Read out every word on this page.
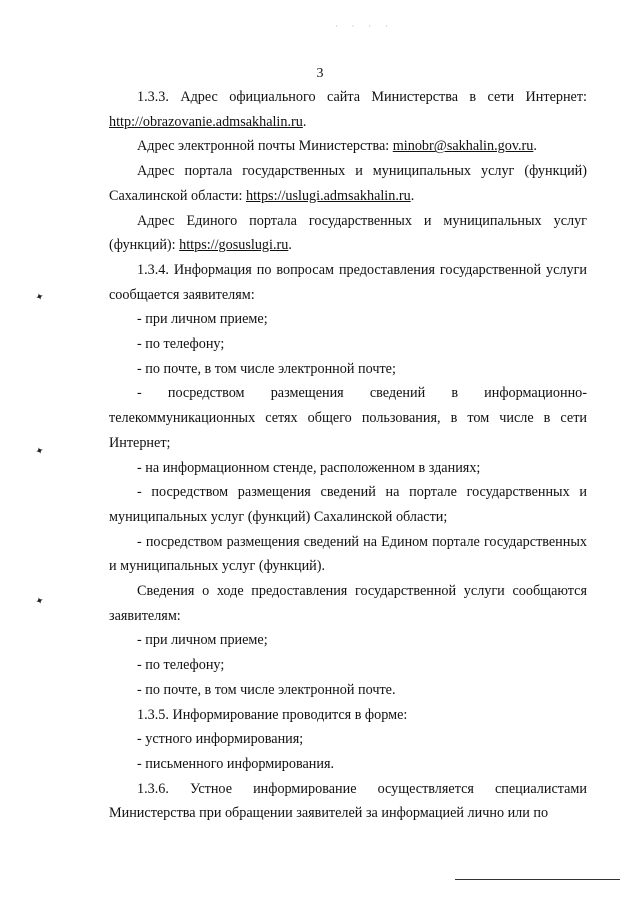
· · · ·
3
✦
✦
✦

1.3.3. Адрес официального сайта Министерства в сети Интернет: http://obrazovanie.admsakhalin.ru.

Адрес электронной почты Министерства: minobr@sakhalin.gov.ru.

Адрес портала государственных и муниципальных услуг (функций) Сахалинской области: https://uslugi.admsakhalin.ru.

Адрес Единого портала государственных и муниципальных услуг (функций): https://gosuslugi.ru.

1.3.4. Информация по вопросам предоставления государственной услуги сообщается заявителям:

- при личном приеме;

- по телефону;

- по почте, в том числе электронной почте;

- посредством размещения сведений в информационно-телекоммуникационных сетях общего пользования, в том числе в сети Интернет;

- на информационном стенде, расположенном в зданиях;

- посредством размещения сведений на портале государственных и муниципальных услуг (функций) Сахалинской области;

- посредством размещения сведений на Едином портале государственных и муниципальных услуг (функций).

Сведения о ходе предоставления государственной услуги сообщаются заявителям:

- при личном приеме;

- по телефону;

- по почте, в том числе электронной почте.

1.3.5. Информирование проводится в форме:

- устного информирования;

- письменного информирования.

1.3.6. Устное информирование осуществляется специалистами Министерства при обращении заявителей за информацией лично или по
